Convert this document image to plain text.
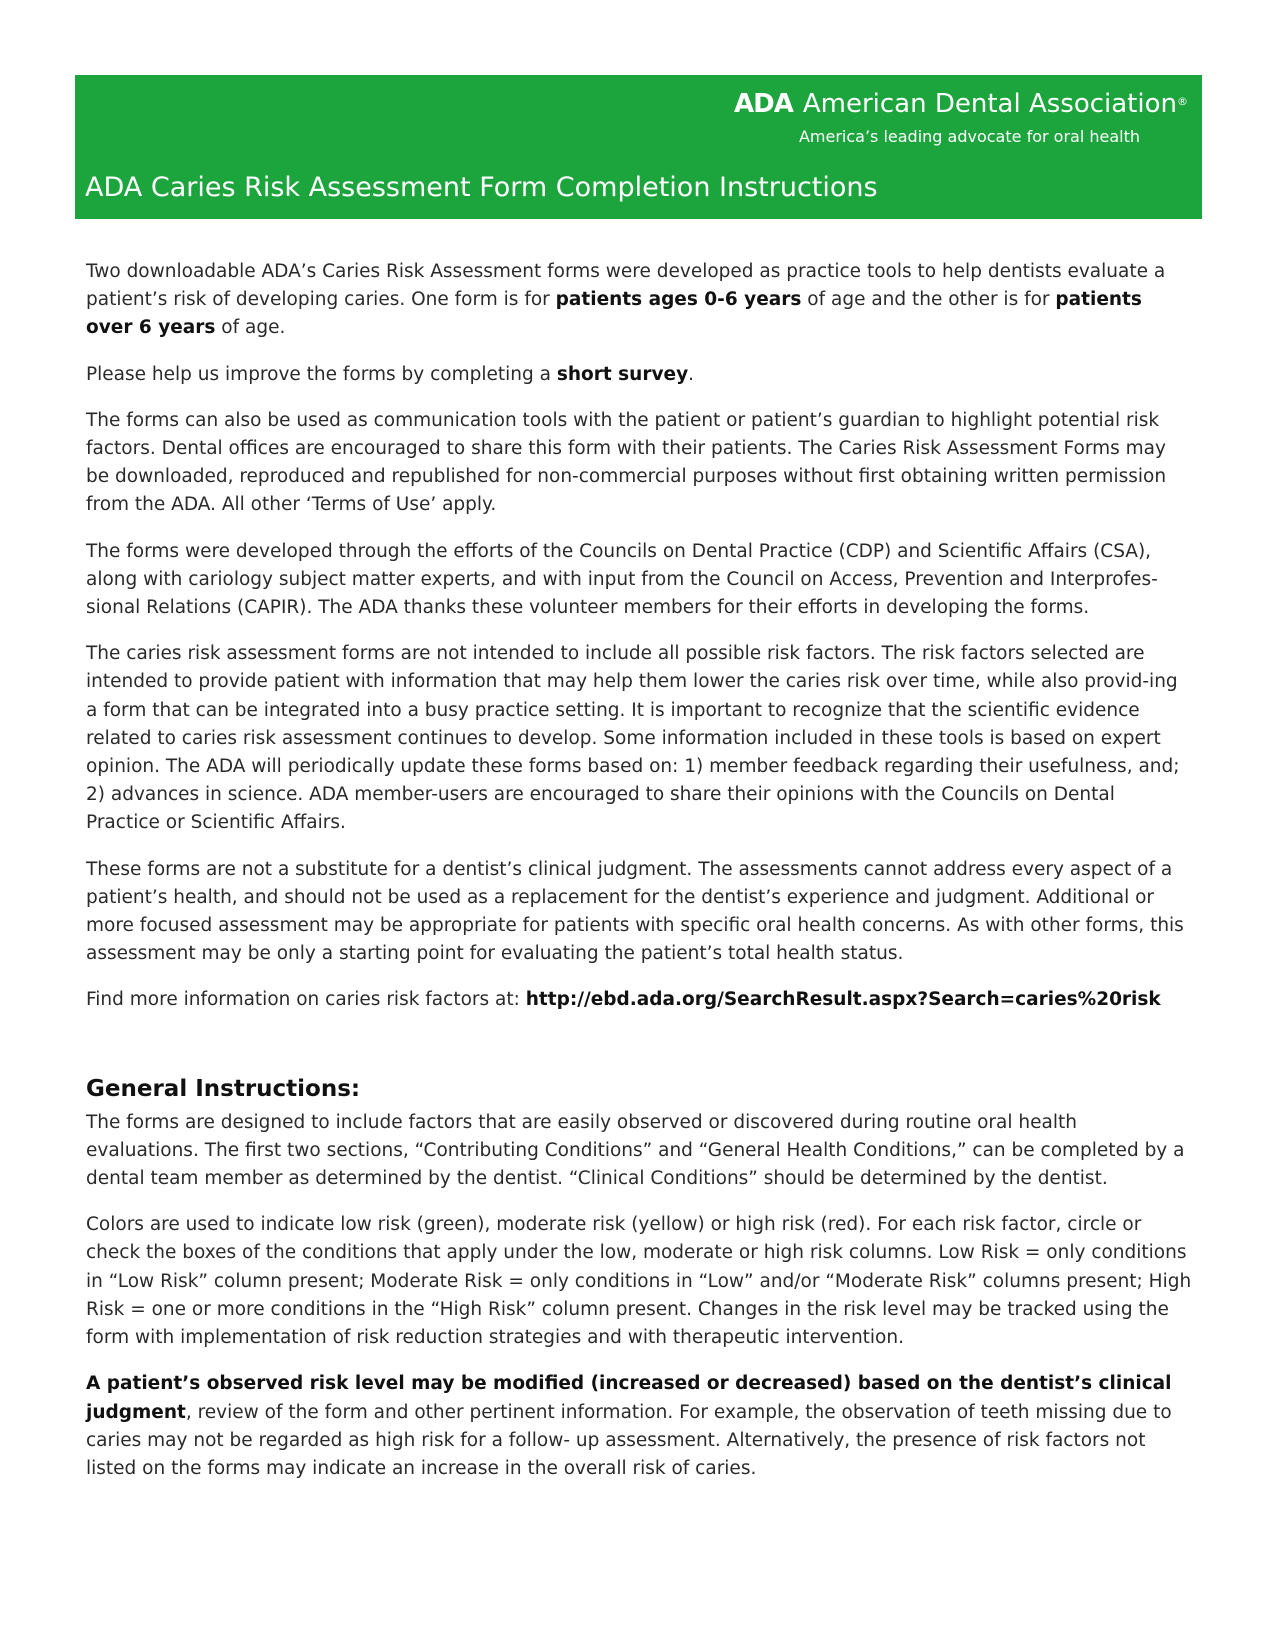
ADA American Dental Association®
America’s leading advocate for oral health
ADA Caries Risk Assessment Form Completion Instructions

Two downloadable ADA’s Caries Risk Assessment forms were developed as practice tools to help dentists evaluate a patient’s risk of developing caries. One form is for patients ages 0-6 years of age and the other is for patients over 6 years of age.

Please help us improve the forms by completing a short survey.

The forms can also be used as communication tools with the patient or patient’s guardian to highlight potential risk factors. Dental offices are encouraged to share this form with their patients. The Caries Risk Assessment Forms may be downloaded, reproduced and republished for non-commercial purposes without first obtaining written permission from the ADA. All other ‘Terms of Use’ apply.

The forms were developed through the efforts of the Councils on Dental Practice (CDP) and Scientific Affairs (CSA), along with cariology subject matter experts, and with input from the Council on Access, Prevention and Interprofes-sional Relations (CAPIR). The ADA thanks these volunteer members for their efforts in developing the forms.

The caries risk assessment forms are not intended to include all possible risk factors. The risk factors selected are intended to provide patient with information that may help them lower the caries risk over time, while also provid-ing a form that can be integrated into a busy practice setting. It is important to recognize that the scientific evidence related to caries risk assessment continues to develop. Some information included in these tools is based on expert opinion. The ADA will periodically update these forms based on: 1) member feedback regarding their usefulness, and; 2) advances in science. ADA member-users are encouraged to share their opinions with the Councils on Dental Practice or Scientific Affairs.

These forms are not a substitute for a dentist’s clinical judgment. The assessments cannot address every aspect of a patient’s health, and should not be used as a replacement for the dentist’s experience and judgment. Additional or more focused assessment may be appropriate for patients with specific oral health concerns. As with other forms, this assessment may be only a starting point for evaluating the patient’s total health status.

Find more information on caries risk factors at: http://ebd.ada.org/SearchResult.aspx?Search=caries%20risk

General Instructions:

The forms are designed to include factors that are easily observed or discovered during routine oral health evaluations. The first two sections, “Contributing Conditions” and “General Health Conditions,” can be completed by a dental team member as determined by the dentist. “Clinical Conditions” should be determined by the dentist.

Colors are used to indicate low risk (green), moderate risk (yellow) or high risk (red). For each risk factor, circle or check the boxes of the conditions that apply under the low, moderate or high risk columns. Low Risk = only conditions in “Low Risk” column present; Moderate Risk = only conditions in “Low” and/or “Moderate Risk” columns present; High Risk = one or more conditions in the “High Risk” column present. Changes in the risk level may be tracked using the form with implementation of risk reduction strategies and with therapeutic intervention.

A patient’s observed risk level may be modified (increased or decreased) based on the dentist’s clinical judgment, review of the form and other pertinent information. For example, the observation of teeth missing due to caries may not be regarded as high risk for a follow- up assessment. Alternatively, the presence of risk factors not listed on the forms may indicate an increase in the overall risk of caries.
